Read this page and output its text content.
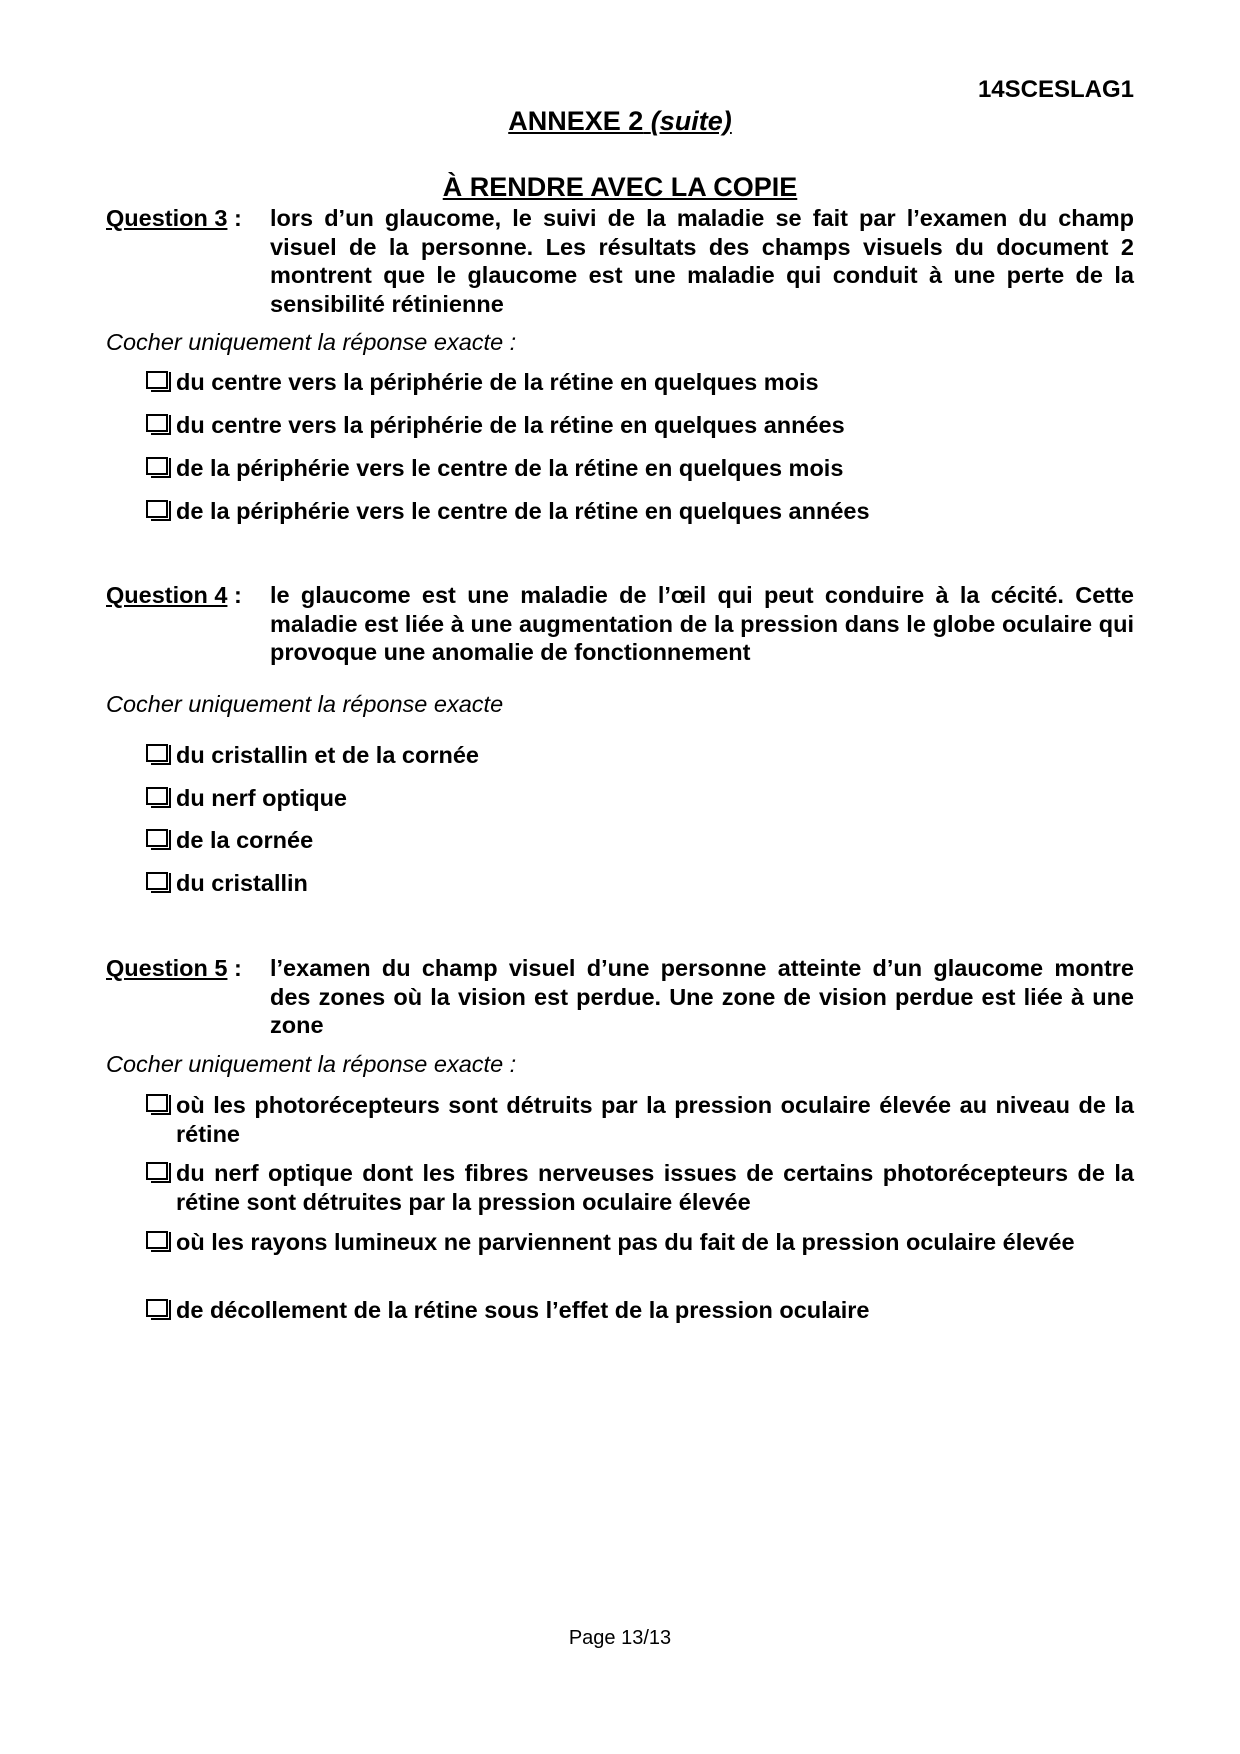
14SCESLAG1
ANNEXE 2 (suite)
À RENDRE AVEC LA COPIE
Question 3 :	lors d’un glaucome, le suivi de la maladie se fait par l’examen du champ visuel de la personne. Les résultats des champs visuels du document 2 montrent que le glaucome est une maladie qui conduit à une perte de la sensibilité rétinienne
Cocher uniquement la réponse exacte :
du centre vers la périphérie de la rétine en quelques mois
du centre vers la périphérie de la rétine en quelques années
de la périphérie vers le centre de la rétine en quelques mois
de la périphérie vers le centre de la rétine en quelques années
Question 4 :	le glaucome est une maladie de l’œil qui peut conduire à la cécité. Cette maladie est liée à une augmentation de la pression dans le globe oculaire qui provoque une anomalie de fonctionnement
Cocher uniquement la réponse exacte
du cristallin et de la cornée
du nerf optique
de la cornée
du cristallin
Question 5 :	l’examen du champ visuel d’une personne atteinte d’un glaucome montre des zones où la vision est perdue. Une zone de vision perdue est liée à une zone
Cocher uniquement la réponse exacte :
où les photorécepteurs sont détruits par la pression oculaire élevée au niveau de la rétine
du nerf optique dont les fibres nerveuses issues de certains photorécepteurs de la rétine sont détruites par la pression oculaire élevée
où les rayons lumineux ne parviennent pas du fait de la pression oculaire élevée
de décollement de la rétine sous l’effet de la pression oculaire
Page 13/13
